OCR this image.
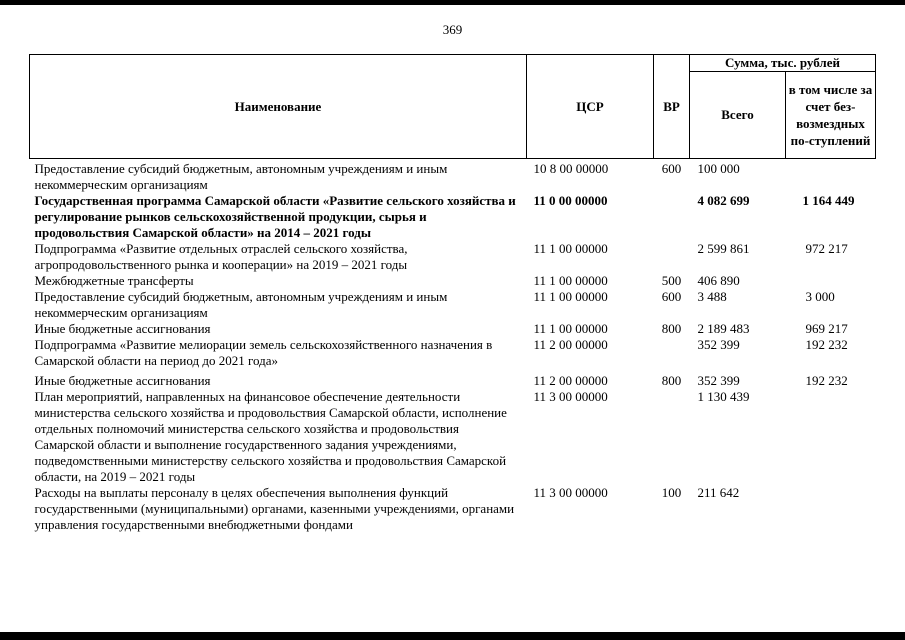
369
Наименование	ЦСР	ВР	Сумма, тыс. рублей	
			Всего	в том числе за счет без-возмездных по-ступлений
Предоставление субсидий бюджетным, автономным учреждениям и иным некоммерческим организациям	10 8 00 00000	600	100 000	
Государственная программа Самарской области «Развитие сельского хозяйства и регулирование рынков сельскохозяйственной продукции, сырья и продовольствия Самарской области» на 2014 – 2021 годы	11 0 00 00000		4 082 699	1 164 449
Подпрограмма «Развитие отдельных отраслей сельского хозяйства, агропродовольственного рынка и кооперации» на 2019 – 2021 годы	11 1 00 00000		2 599 861	972 217
Межбюджетные трансферты	11 1 00 00000	500	406 890	
Предоставление субсидий бюджетным, автономным учреждениям и иным некоммерческим организациям	11 1 00 00000	600	3 488	3 000
Иные бюджетные ассигнования	11 1 00 00000	800	2 189 483	969 217
Подпрограмма «Развитие мелиорации земель сельскохозяйственного назначения в Самарской области на период до 2021 года»	11 2 00 00000		352 399	192 232
Иные бюджетные ассигнования	11 2 00 00000	800	352 399	192 232
План мероприятий, направленных на финансовое обеспечение деятельности министерства сельского хозяйства и продовольствия Самарской области, исполнение отдельных полномочий министерства сельского хозяйства и продовольствия Самарской области и выполнение государственного задания учреждениями, подведомственными министерству сельского хозяйства и продовольствия Самарской области, на 2019 – 2021 годы	11 3 00 00000		1 130 439	
Расходы на выплаты персоналу в целях обеспечения выполнения функций государственными (муниципальными) органами, казенными учреждениями, органами управления государственными внебюджетными фондами	11 3 00 00000	100	211 642	
